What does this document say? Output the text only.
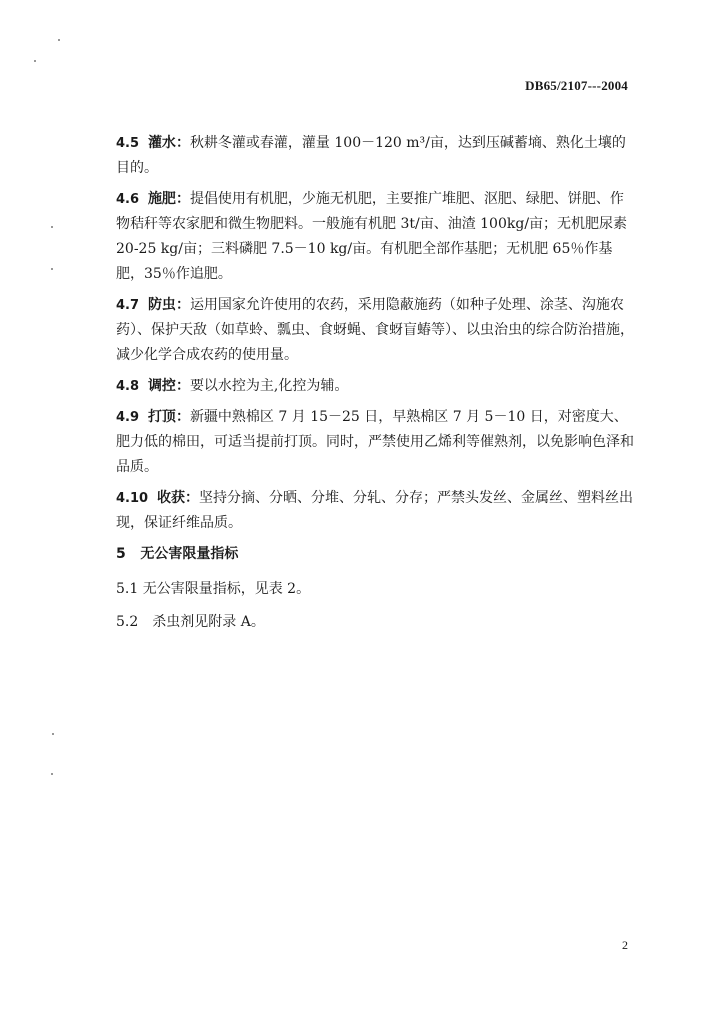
DB65/2107---2004

4.5 灌水：秋耕冬灌或春灌，灌量 100－120 m³/亩，达到压碱蓄墒、熟化土壤的目的。

4.6 施肥：提倡使用有机肥，少施无机肥，主要推广堆肥、沤肥、绿肥、饼肥、作物秸秆等农家肥和微生物肥料。一般施有机肥 3t/亩、油渣 100kg/亩；无机肥尿素 20-25 kg/亩；三料磷肥 7.5－10 kg/亩。有机肥全部作基肥；无机肥 65％作基肥，35％作追肥。

4.7 防虫：运用国家允许使用的农药，采用隐蔽施药（如种子处理、涂茎、沟施农药）、保护天敌（如草蛉、瓢虫、食蚜蝇、食蚜盲蝽等）、以虫治虫的综合防治措施，减少化学合成农药的使用量。

4.8 调控：要以水控为主,化控为辅。

4.9 打顶：新疆中熟棉区 7 月 15－25 日，早熟棉区 7 月 5－10 日，对密度大、肥力低的棉田，可适当提前打顶。同时，严禁使用乙烯利等催熟剂，以免影响色泽和品质。

4.10 收获：坚持分摘、分晒、分堆、分轧、分存；严禁头发丝、金属丝、塑料丝出现，保证纤维品质。

5 无公害限量指标

5.1 无公害限量指标，见表 2。

5.2　杀虫剂见附录 A。

2
